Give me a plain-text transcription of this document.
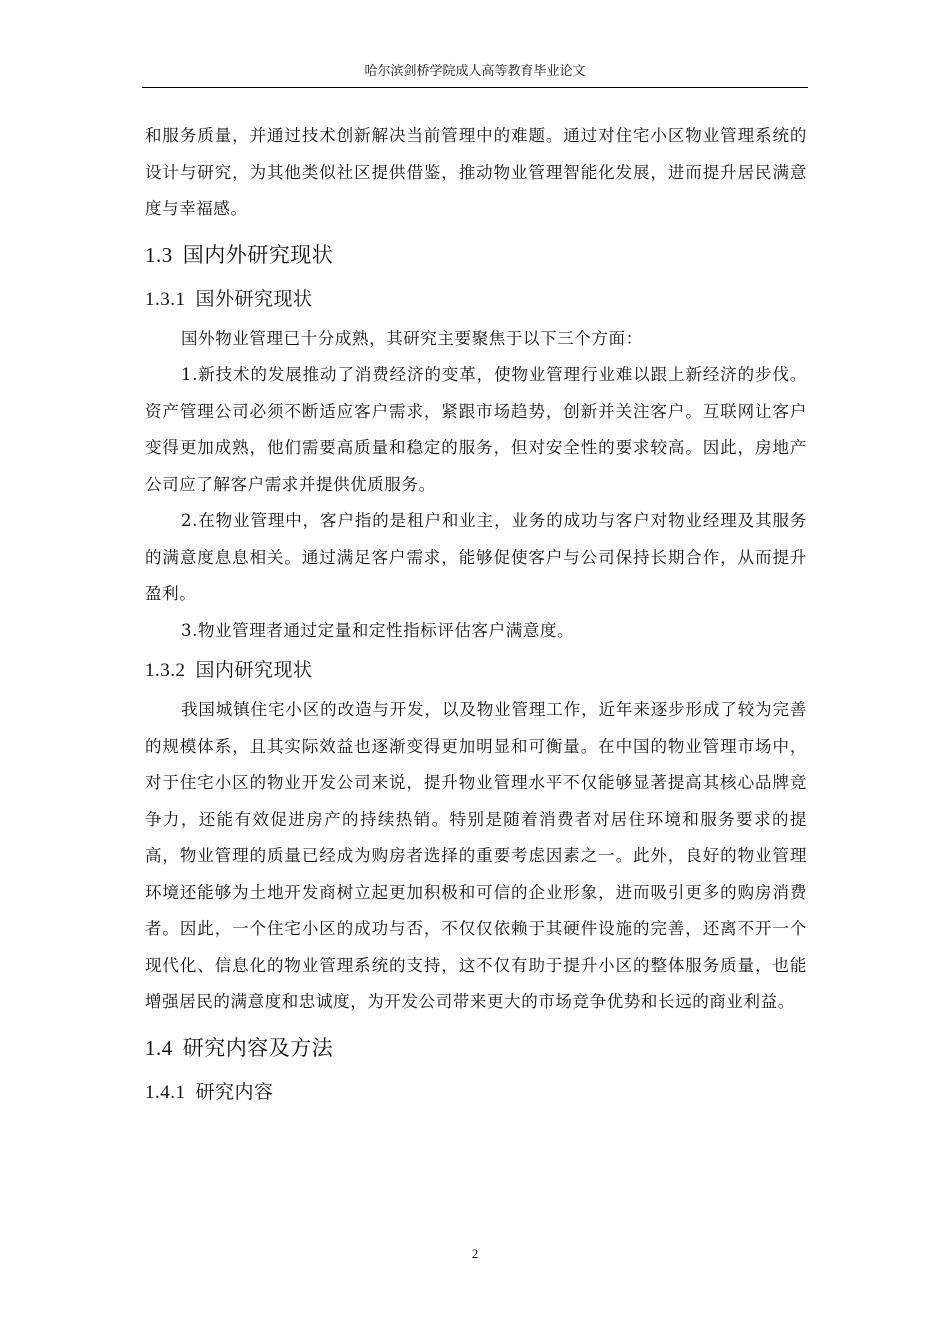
哈尔滨剑桥学院成人高等教育毕业论文

和服务质量，并通过技术创新解决当前管理中的难题。通过对住宅小区物业管理系统的设计与研究，为其他类似社区提供借鉴，推动物业管理智能化发展，进而提升居民满意度与幸福感。

1.3 国内外研究现状
1.3.1 国外研究现状

国外物业管理已十分成熟，其研究主要聚焦于以下三个方面：

1.新技术的发展推动了消费经济的变革，使物业管理行业难以跟上新经济的步伐。资产管理公司必须不断适应客户需求，紧跟市场趋势，创新并关注客户。互联网让客户变得更加成熟，他们需要高质量和稳定的服务，但对安全性的要求较高。因此，房地产公司应了解客户需求并提供优质服务。

2.在物业管理中，客户指的是租户和业主，业务的成功与客户对物业经理及其服务的满意度息息相关。通过满足客户需求，能够促使客户与公司保持长期合作，从而提升盈利。

3.物业管理者通过定量和定性指标评估客户满意度。

1.3.2 国内研究现状

我国城镇住宅小区的改造与开发，以及物业管理工作，近年来逐步形成了较为完善的规模体系，且其实际效益也逐渐变得更加明显和可衡量。在中国的物业管理市场中，对于住宅小区的物业开发公司来说，提升物业管理水平不仅能够显著提高其核心品牌竞争力，还能有效促进房产的持续热销。特别是随着消费者对居住环境和服务要求的提高，物业管理的质量已经成为购房者选择的重要考虑因素之一。此外，良好的物业管理环境还能够为土地开发商树立起更加积极和可信的企业形象，进而吸引更多的购房消费者。因此，一个住宅小区的成功与否，不仅仅依赖于其硬件设施的完善，还离不开一个现代化、信息化的物业管理系统的支持，这不仅有助于提升小区的整体服务质量，也能增强居民的满意度和忠诚度，为开发公司带来更大的市场竞争优势和长远的商业利益。

1.4 研究内容及方法
1.4.1 研究内容
2
